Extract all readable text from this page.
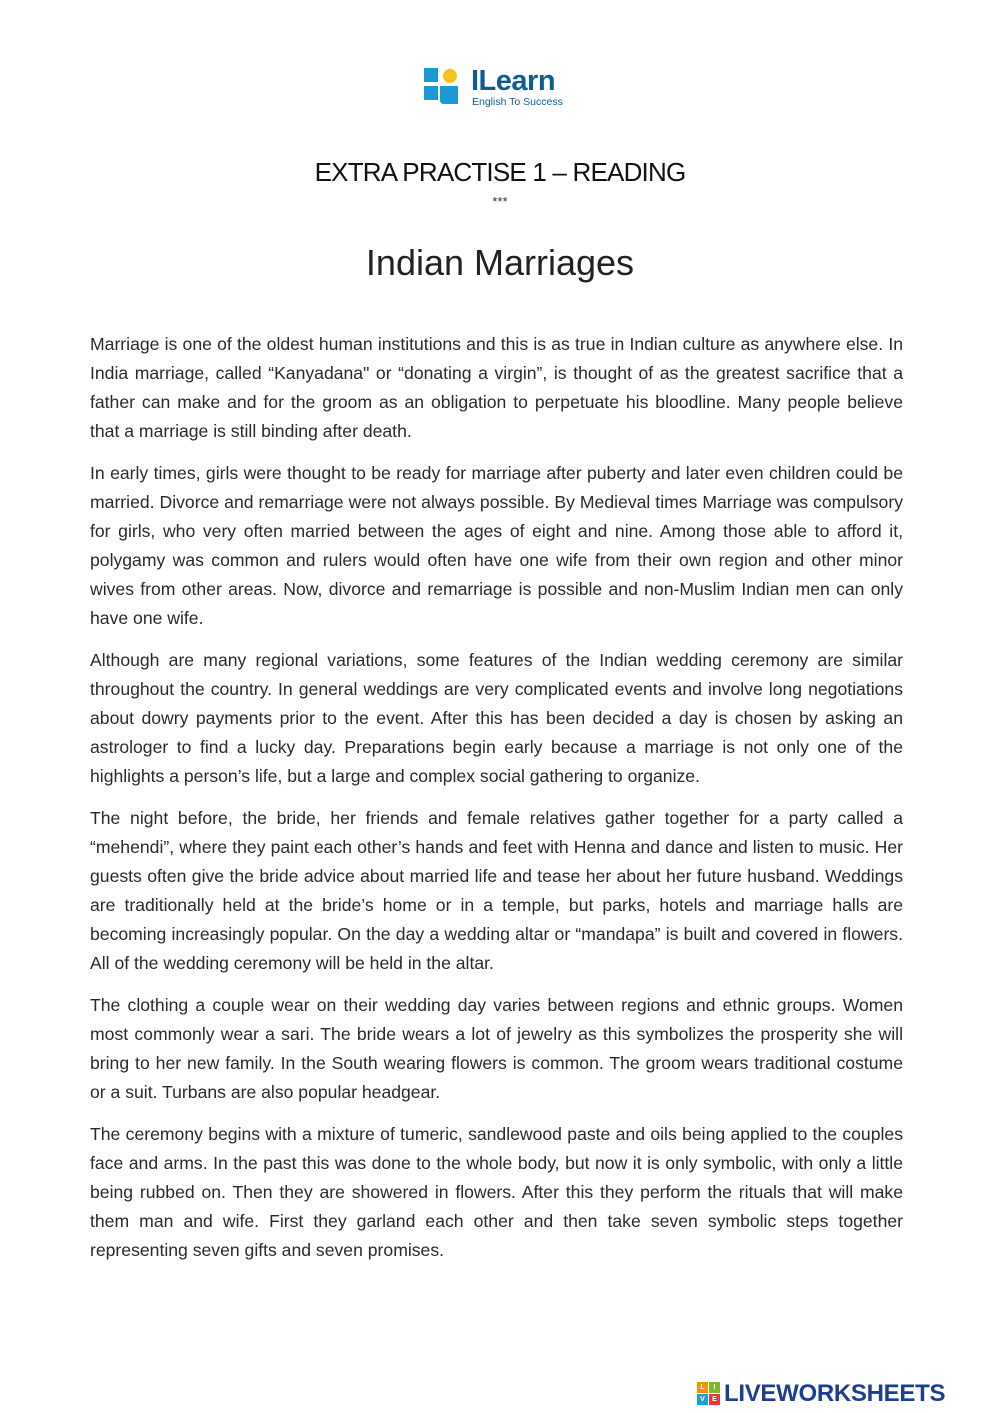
ILearn
English To Success
EXTRA PRACTISE 1 – READING
***
Indian Marriages

Marriage is one of the oldest human institutions and this is as true in Indian culture as anywhere else. In India marriage, called “Kanyadana" or “donating a virgin”, is thought of as the greatest sacrifice that a father can make and for the groom as an obligation to perpetuate his bloodline. Many people believe that a marriage is still binding after death.

In early times, girls were thought to be ready for marriage after puberty and later even children could be married. Divorce and remarriage were not always possible. By Medieval times Marriage was compulsory for girls, who very often married between the ages of eight and nine. Among those able to afford it, polygamy was common and rulers would often have one wife from their own region and other minor wives from other areas. Now, divorce and remarriage is possible and non-Muslim Indian men can only have one wife.

Although are many regional variations, some features of the Indian wedding ceremony are similar throughout the country. In general weddings are very complicated events and involve long negotiations about dowry payments prior to the event. After this has been decided a day is chosen by asking an astrologer to find a lucky day. Preparations begin early because a marriage is not only one of the highlights a person’s life, but a large and complex social gathering to organize.

The night before, the bride, her friends and female relatives gather together for a party called a “mehendi”, where they paint each other’s hands and feet with Henna and dance and listen to music. Her guests often give the bride advice about married life and tease her about her future husband. Weddings are traditionally held at the bride’s home or in a temple, but parks, hotels and marriage halls are becoming increasingly popular. On the day a wedding altar or “mandapa” is built and covered in flowers. All of the wedding ceremony will be held in the altar.

The clothing a couple wear on their wedding day varies between regions and ethnic groups. Women most commonly wear a sari. The bride wears a lot of jewelry as this symbolizes the prosperity she will bring to her new family. In the South wearing flowers is common. The groom wears traditional costume or a suit. Turbans are also popular headgear.

The ceremony begins with a mixture of tumeric, sandlewood paste and oils being applied to the couples face and arms. In the past this was done to the whole body, but now it is only symbolic, with only a little being rubbed on. Then they are showered in flowers. After this they perform the rituals that will make them man and wife. First they garland each other and then take seven symbolic steps together representing seven gifts and seven promises.

L	I
V	E LIVEWORKSHEETS
